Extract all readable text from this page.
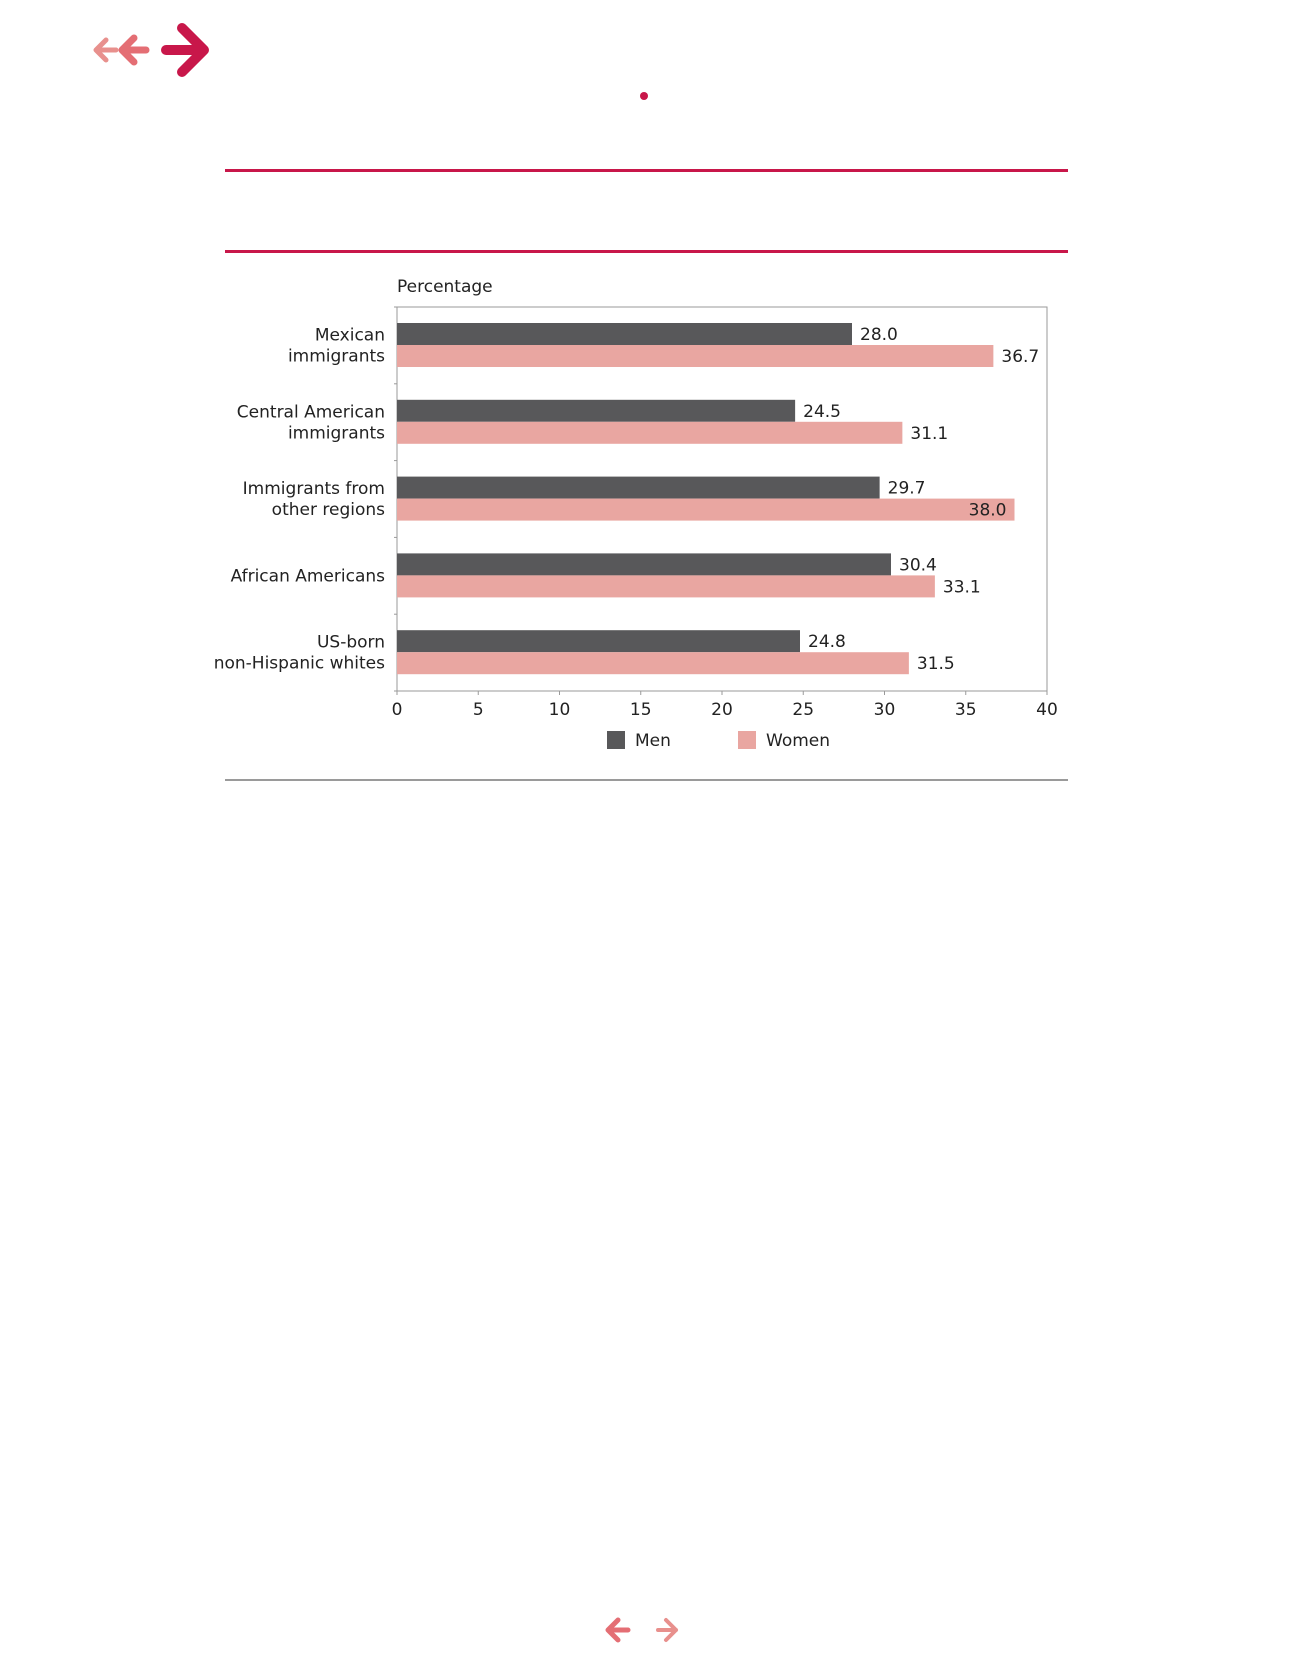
Percentage
28.0
36.7
Mexican immigrants
24.5
31.1
Central American immigrants
29.7
38.0
Immigrants from other regions
30.4
33.1
African Americans
24.8
31.5
US-born non-Hispanic whites
0	5	10	15	20	25	30	35	40
Men	Women
